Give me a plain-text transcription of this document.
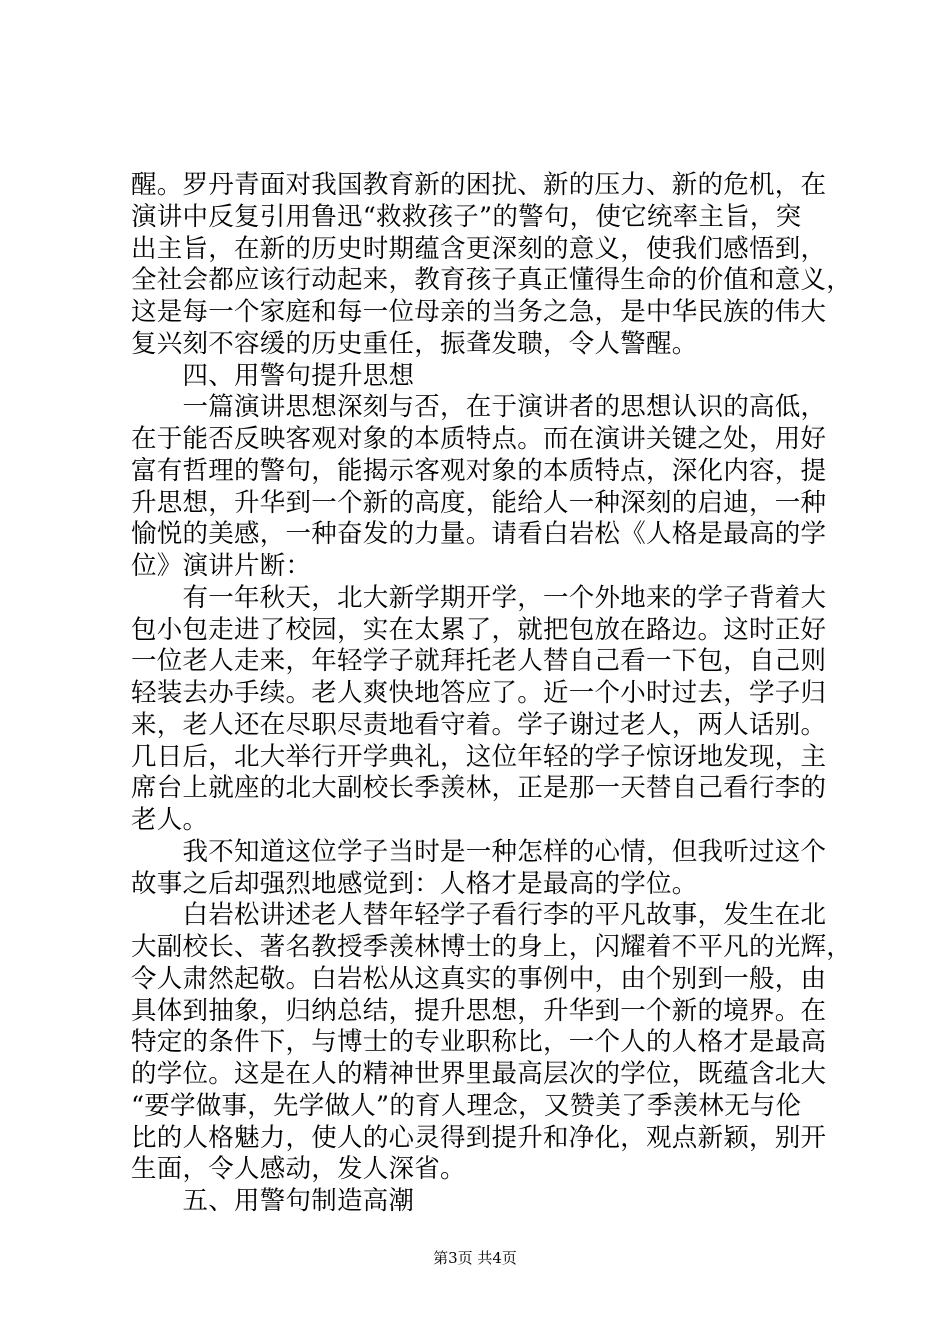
醒。罗丹青面对我国教育新的困扰、新的压力、新的危机，在
演讲中反复引用鲁迅“救救孩子”的警句，使它统率主旨，突
出主旨，在新的历史时期蕴含更深刻的意义，使我们感悟到，
全社会都应该行动起来，教育孩子真正懂得生命的价值和意义，
这是每一个家庭和每一位母亲的当务之急，是中华民族的伟大
复兴刻不容缓的历史重任，振聋发聩，令人警醒。
　　四、用警句提升思想
　　一篇演讲思想深刻与否，在于演讲者的思想认识的高低，
在于能否反映客观对象的本质特点。而在演讲关键之处，用好
富有哲理的警句，能揭示客观对象的本质特点，深化内容，提
升思想，升华到一个新的高度，能给人一种深刻的启迪，一种
愉悦的美感，一种奋发的力量。请看白岩松《人格是最高的学
位》演讲片断：
　　有一年秋天，北大新学期开学，一个外地来的学子背着大
包小包走进了校园，实在太累了，就把包放在路边。这时正好
一位老人走来，年轻学子就拜托老人替自己看一下包，自己则
轻装去办手续。老人爽快地答应了。近一个小时过去，学子归
来，老人还在尽职尽责地看守着。学子谢过老人，两人话别。
几日后，北大举行开学典礼，这位年轻的学子惊讶地发现，主
席台上就座的北大副校长季羡林，正是那一天替自己看行李的
老人。
　　我不知道这位学子当时是一种怎样的心情，但我听过这个
故事之后却强烈地感觉到：人格才是最高的学位。
　　白岩松讲述老人替年轻学子看行李的平凡故事，发生在北
大副校长、著名教授季羡林博士的身上，闪耀着不平凡的光辉，
令人肃然起敬。白岩松从这真实的事例中，由个别到一般，由
具体到抽象，归纳总结，提升思想，升华到一个新的境界。在
特定的条件下，与博士的专业职称比，一个人的人格才是最高
的学位。这是在人的精神世界里最高层次的学位，既蕴含北大
“要学做事，先学做人”的育人理念，又赞美了季羡林无与伦
比的人格魅力，使人的心灵得到提升和净化，观点新颖，别开
生面，令人感动，发人深省。
　　五、用警句制造高潮
第3页 共4页
